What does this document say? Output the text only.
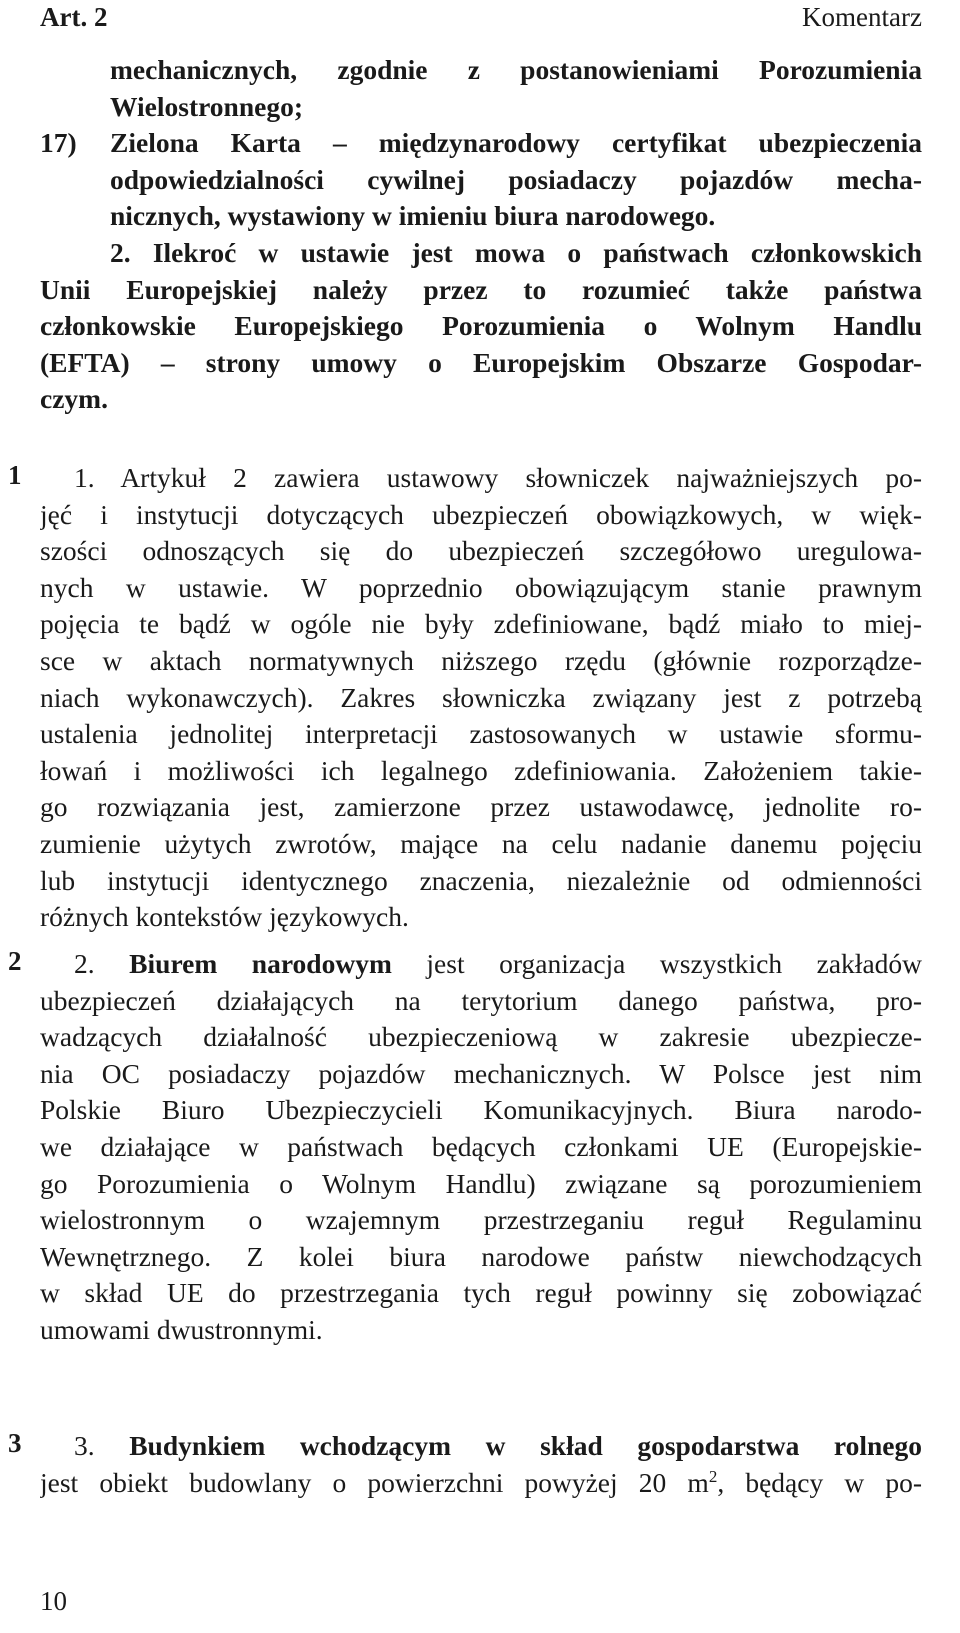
Art. 2	Komentarz
mechanicznych, zgodnie z postanowieniami Porozumienia
Wielostronnego;
17) Zielona Karta – międzynarodowy certyfikat ubezpieczenia
odpowiedzialności cywilnej posiadaczy pojazdów mecha-
nicznych, wystawiony w imieniu biura narodowego.
2. Ilekroć w ustawie jest mowa o państwach członkowskich
Unii Europejskiej należy przez to rozumieć także państwa
członkowskie Europejskiego Porozumienia o Wolnym Handlu
(EFTA) – strony umowy o Europejskim Obszarze Gospodar-
czym.
1	1. Artykuł 2 zawiera ustawowy słowniczek najważniejszych po-
jęć i instytucji dotyczących ubezpieczeń obowiązkowych, w więk-
szości odnoszących się do ubezpieczeń szczegółowo uregulowa-
nych w ustawie. W poprzednio obowiązującym stanie prawnym
pojęcia te bądź w ogóle nie były zdefiniowane, bądź miało to miej-
sce w aktach normatywnych niższego rzędu (głównie rozporządze-
niach wykonawczych). Zakres słowniczka związany jest z potrzebą
ustalenia jednolitej interpretacji zastosowanych w ustawie sformu-
łowań i możliwości ich legalnego zdefiniowania. Założeniem takie-
go rozwiązania jest, zamierzone przez ustawodawcę, jednolite ro-
zumienie użytych zwrotów, mające na celu nadanie danemu pojęciu
lub instytucji identycznego znaczenia, niezależnie od odmienności
różnych kontekstów językowych.
2	2. Biurem narodowym jest organizacja wszystkich zakładów
ubezpieczeń działających na terytorium danego państwa, pro-
wadzących działalność ubezpieczeniową w zakresie ubezpiecze-
nia OC posiadaczy pojazdów mechanicznych. W Polsce jest nim
Polskie Biuro Ubezpieczycieli Komunikacyjnych. Biura narodo-
we działające w państwach będących członkami UE (Europejskie-
go Porozumienia o Wolnym Handlu) związane są porozumieniem
wielostronnym o wzajemnym przestrzeganiu reguł Regulaminu
Wewnętrznego. Z kolei biura narodowe państw niewchodzących
w skład UE do przestrzegania tych reguł powinny się zobowiązać
umowami dwustronnymi.
3	3. Budynkiem wchodzącym w skład gospodarstwa rolnego
jest obiekt budowlany o powierzchni powyżej 20 $m^2$, będący w po-
10
